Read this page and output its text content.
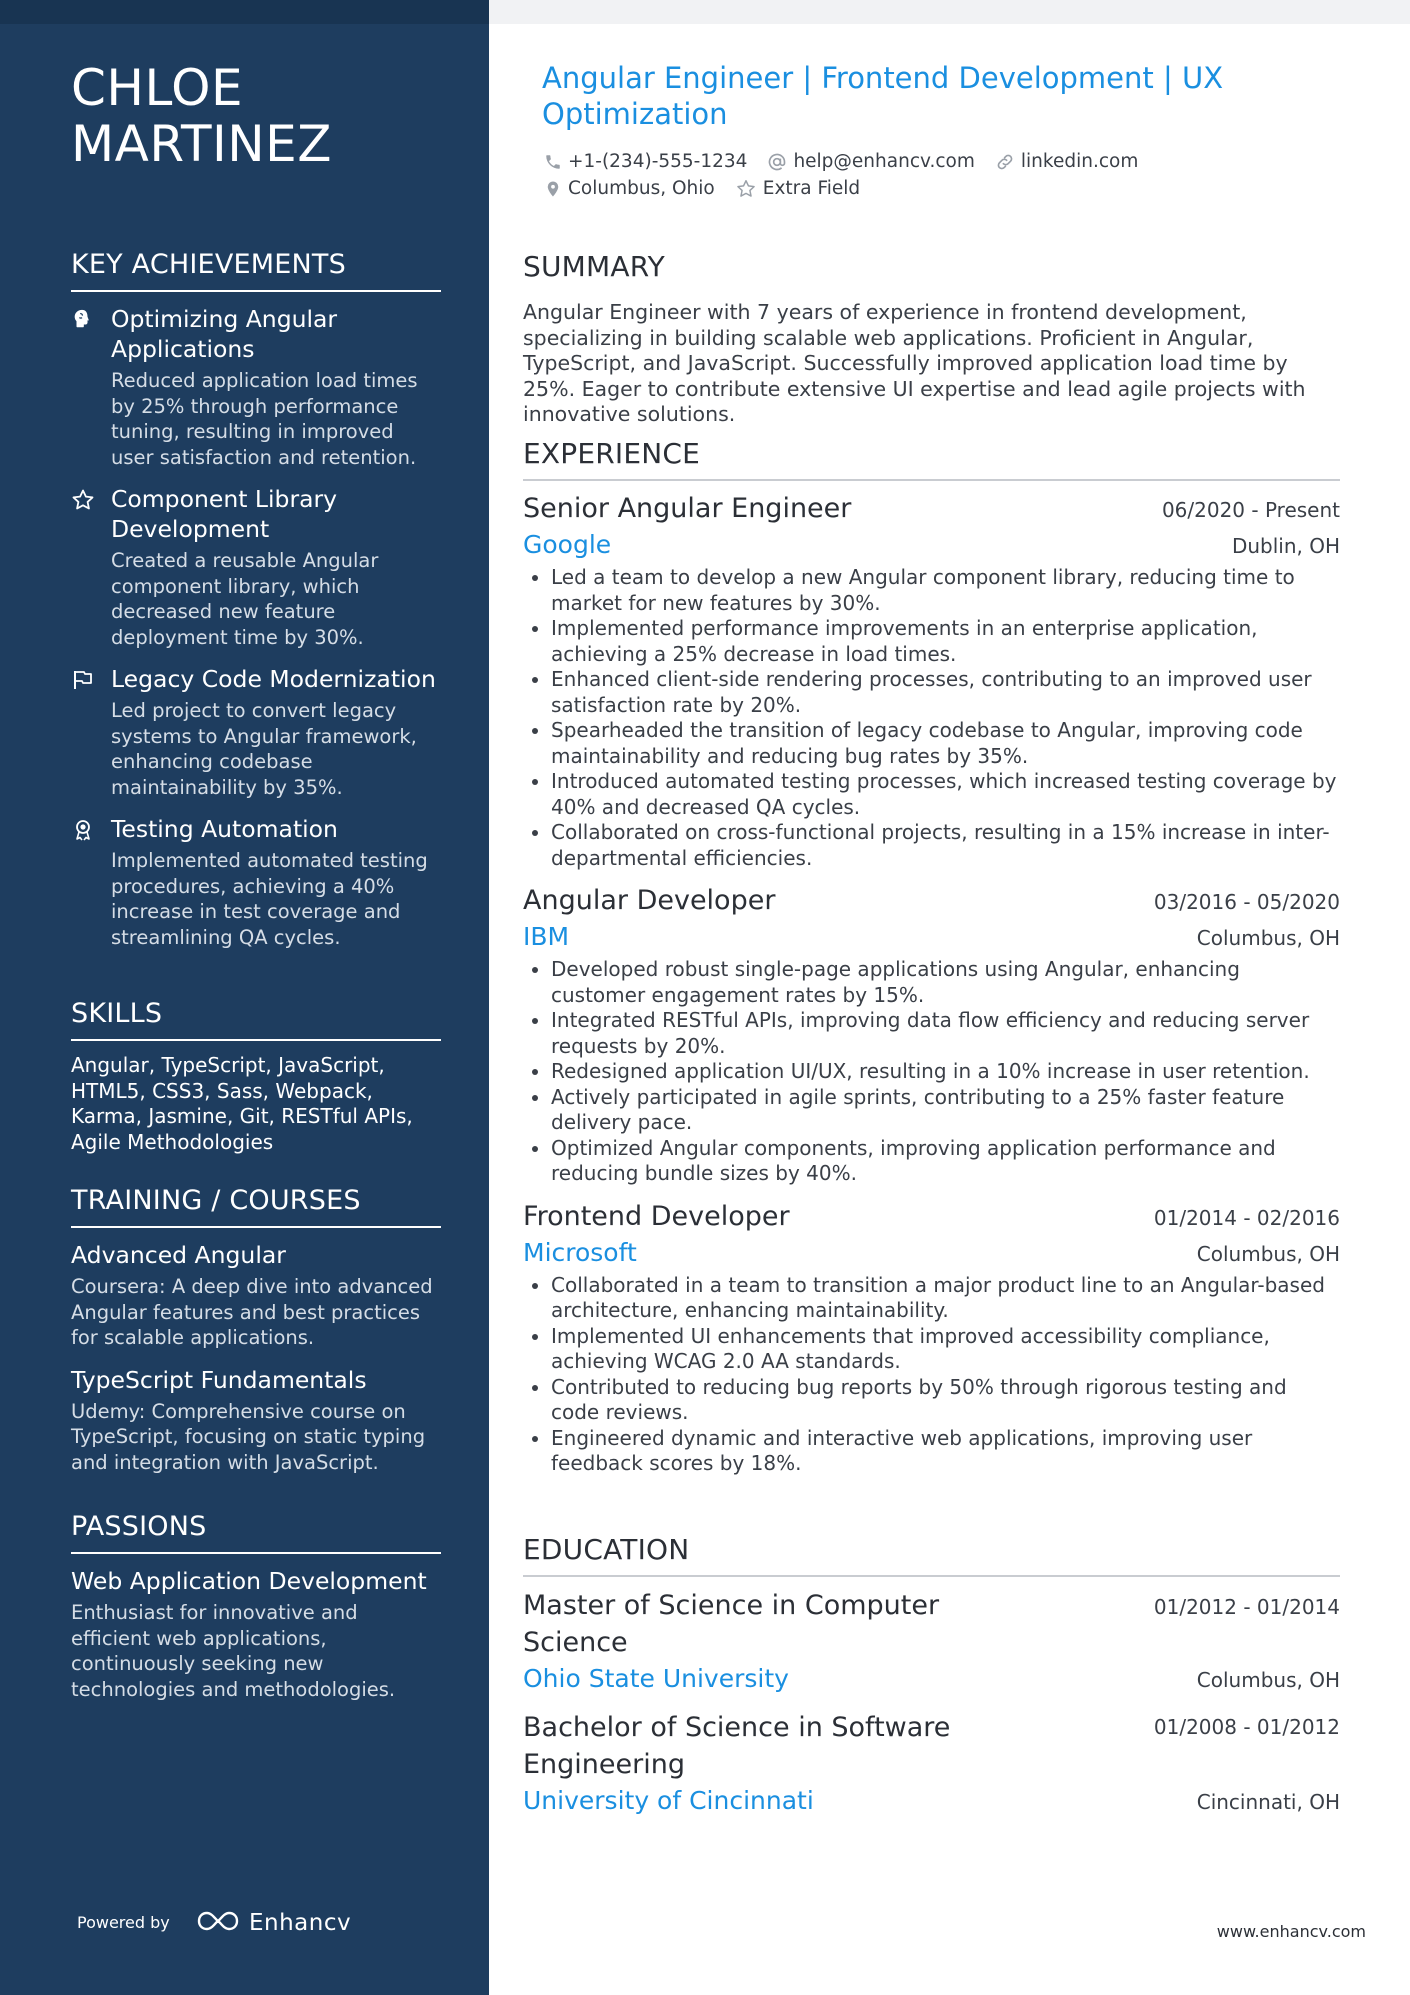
CHLOE
MARTINEZ
KEY ACHIEVEMENTS
Optimizing Angular Applications
Reduced application load times by 25% through performance tuning, resulting in improved user satisfaction and retention.
Component Library Development
Created a reusable Angular component library, which decreased new feature deployment time by 30%.
Legacy Code Modernization
Led project to convert legacy systems to Angular framework, enhancing codebase maintainability by 35%.
Testing Automation
Implemented automated testing procedures, achieving a 40% increase in test coverage and streamlining QA cycles.
SKILLS
Angular, TypeScript, JavaScript, HTML5, CSS3, Sass, Webpack, Karma, Jasmine, Git, RESTful APIs, Agile Methodologies
TRAINING / COURSES
Advanced Angular
Coursera: A deep dive into advanced Angular features and best practices for scalable applications.
TypeScript Fundamentals
Udemy: Comprehensive course on TypeScript, focusing on static typing and integration with JavaScript.
PASSIONS
Web Application Development
Enthusiast for innovative and efficient web applications, continuously seeking new technologies and methodologies.
Powered by	Enhancv
Angular Engineer | Frontend Development | UX Optimization
+1-(234)-555-1234 help@enhancv.com linkedin.com
Columbus, Ohio	Extra Field
SUMMARY
Angular Engineer with 7 years of experience in frontend development, specializing in building scalable web applications. Proficient in Angular, TypeScript, and JavaScript. Successfully improved application load time by 25%. Eager to contribute extensive UI expertise and lead agile projects with innovative solutions.
EXPERIENCE
Senior Angular Engineer	06/2020 - Present
Google	Dublin, OH
• Led a team to develop a new Angular component library, reducing time to market for new features by 30%.
• Implemented performance improvements in an enterprise application, achieving a 25% decrease in load times.
• Enhanced client-side rendering processes, contributing to an improved user satisfaction rate by 20%.
• Spearheaded the transition of legacy codebase to Angular, improving code maintainability and reducing bug rates by 35%.
• Introduced automated testing processes, which increased testing coverage by 40% and decreased QA cycles.
• Collaborated on cross-functional projects, resulting in a 15% increase in inter-departmental efficiencies.
Angular Developer	03/2016 - 05/2020
IBM	Columbus, OH
• Developed robust single-page applications using Angular, enhancing customer engagement rates by 15%.
• Integrated RESTful APIs, improving data flow efficiency and reducing server requests by 20%.
• Redesigned application UI/UX, resulting in a 10% increase in user retention.
• Actively participated in agile sprints, contributing to a 25% faster feature delivery pace.
• Optimized Angular components, improving application performance and reducing bundle sizes by 40%.
Frontend Developer	01/2014 - 02/2016
Microsoft	Columbus, OH
• Collaborated in a team to transition a major product line to an Angular-based architecture, enhancing maintainability.
• Implemented UI enhancements that improved accessibility compliance, achieving WCAG 2.0 AA standards.
• Contributed to reducing bug reports by 50% through rigorous testing and code reviews.
• Engineered dynamic and interactive web applications, improving user feedback scores by 18%.
EDUCATION
Master of Science in Computer Science
01/2012 - 01/2014
Ohio State University	Columbus, OH
Bachelor of Science in Software Engineering
01/2008 - 01/2012
University of Cincinnati	Cincinnati, OH
www.enhancv.com
